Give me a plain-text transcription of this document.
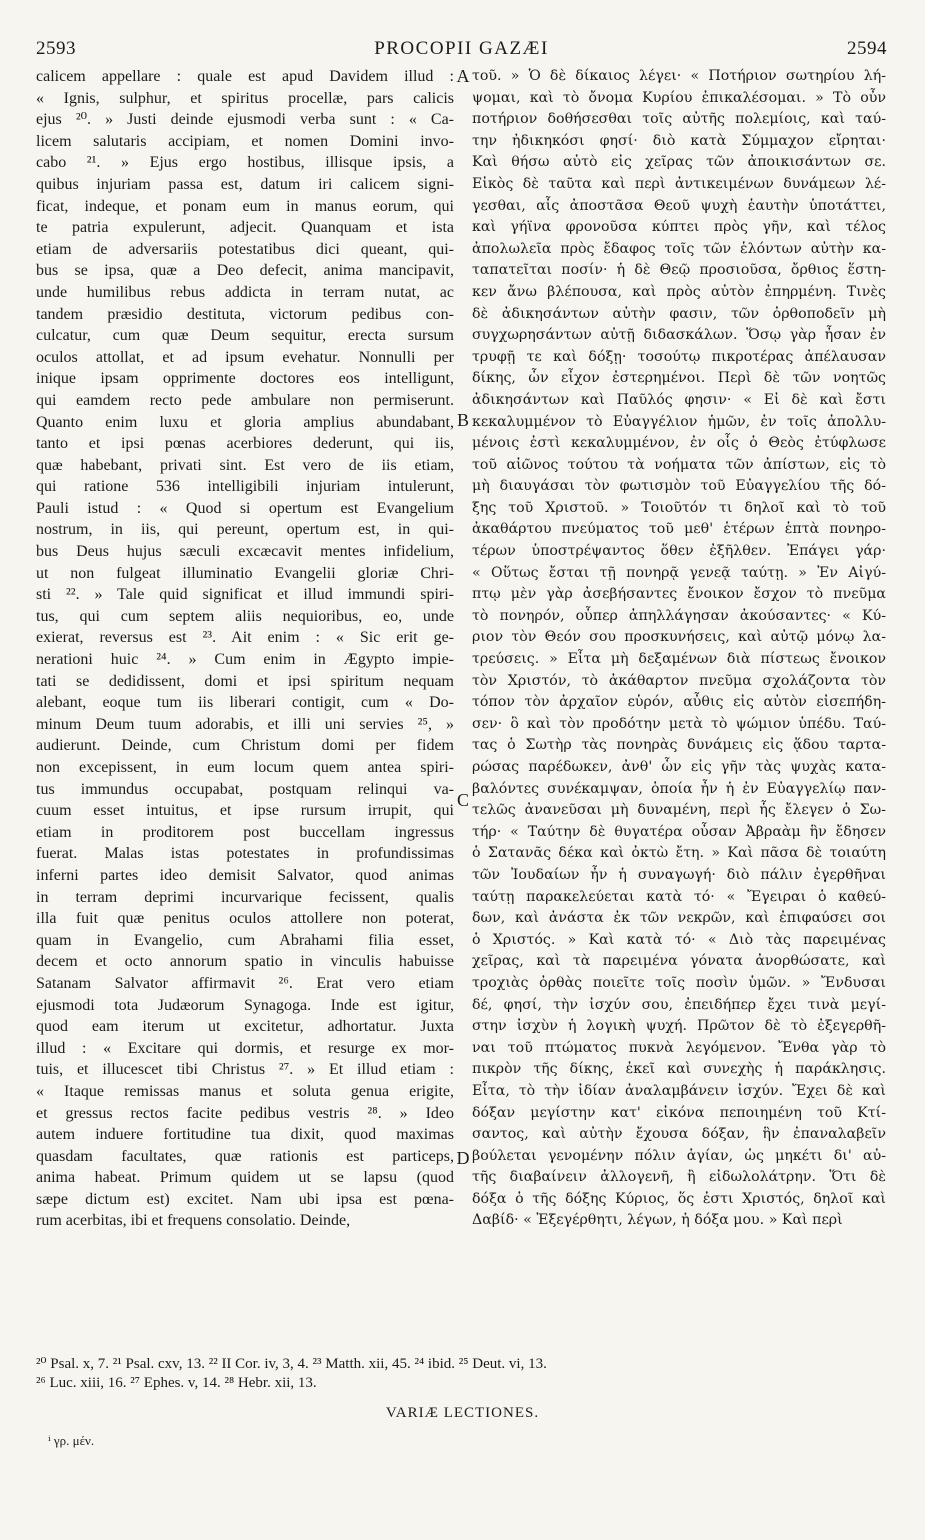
2593	PROCOPII GAZÆI	2594
calicem appellare : quale est apud Davidem illud :
« Ignis, sulphur, et spiritus procellæ, pars calicis
ejus ²⁰. » Justi deinde ejusmodi verba sunt : « Ca-
licem salutaris accipiam, et nomen Domini invo-
cabo ²¹. » Ejus ergo hostibus, illisque ipsis, a
quibus injuriam passa est, datum iri calicem signi-
ficat, indeque, et ponam eum in manus eorum, qui
te patria expulerunt, adjecit. Quanquam et ista
etiam de adversariis potestatibus dici queant, qui-
bus se ipsa, quæ a Deo defecit, anima mancipavit,
unde humilibus rebus addicta in terram nutat, ac
tandem præsidio destituta, victorum pedibus con-
culcatur, cum quæ Deum sequitur, erecta sursum
oculos attollat, et ad ipsum evehatur. Nonnulli per
inique ipsam opprimente doctores eos intelligunt,
qui eamdem recto pede ambulare non permiserunt.
Quanto enim luxu et gloria amplius abundabant,
tanto et ipsi pœnas acerbiores dederunt, qui iis,
quæ habebant, privati sint. Est vero de iis etiam,
qui ratione 536 intelligibili injuriam intulerunt,
Pauli istud : « Quod si opertum est Evangelium
nostrum, in iis, qui pereunt, opertum est, in qui-
bus Deus hujus sæculi excæcavit mentes infidelium,
ut non fulgeat illuminatio Evangelii gloriæ Chri-
sti ²². » Tale quid significat et illud immundi spiri-
tus, qui cum septem aliis nequioribus, eo, unde
exierat, reversus est ²³. Ait enim : « Sic erit ge-
nerationi huic ²⁴. » Cum enim in Ægypto impie-
tati se dedidissent, domi et ipsi spiritum nequam
alebant, eoque tum iis liberari contigit, cum « Do-
minum Deum tuum adorabis, et illi uni servies ²⁵, »
audierunt. Deinde, cum Christum domi per fidem
non excepissent, in eum locum quem antea spiri-
tus immundus occupabat, postquam relinqui va-
cuum esset intuitus, et ipse rursum irrupit, qui
etiam in proditorem post buccellam ingressus
fuerat. Malas istas potestates in profundissimas
inferni partes ideo demisit Salvator, quod animas
in terram deprimi incurvarique fecissent, qualis
illa fuit quæ penitus oculos attollere non poterat,
quam in Evangelio, cum Abrahami filia esset,
decem et octo annorum spatio in vinculis habuisse
Satanam Salvator affirmavit ²⁶. Erat vero etiam
ejusmodi tota Judæorum Synagoga. Inde est igitur,
quod eam iterum ut excitetur, adhortatur. Juxta
illud : « Excitare qui dormis, et resurge ex mor-
tuis, et illucescet tibi Christus ²⁷. » Et illud etiam :
« Itaque remissas manus et soluta genua erigite,
et gressus rectos facite pedibus vestris ²⁸. » Ideo
autem induere fortitudine tua dixit, quod maximas
quasdam facultates, quæ rationis est particeps,
anima habeat. Primum quidem ut se lapsu (quod
sæpe dictum est) excitet. Nam ubi ipsa est pœna-
rum acerbitas, ibi et frequens consolatio. Deinde,
A
B
C
D
τοῦ. » Ὁ δὲ δίκαιος λέγει· « Ποτήριον σωτηρίου λή-
ψομαι, καὶ τὸ ὄνομα Κυρίου ἐπικαλέσομαι. » Τὸ οὖν
ποτήριον δοθήσεσθαι τοῖς αὐτῆς πολεμίοις, καὶ ταύ-
την ἠδικηκόσι φησί· διὸ κατὰ Σύμμαχον εἴρηται·
Καὶ θήσω αὐτὸ εἰς χεῖρας τῶν ἀποικισάντων σε.
Εἰκὸς δὲ ταῦτα καὶ περὶ ἀντικειμένων δυνάμεων λέ-
γεσθαι, αἷς ἀποστᾶσα Θεοῦ ψυχὴ ἑαυτὴν ὑποτάττει,
καὶ γήϊνα φρονοῦσα κύπτει πρὸς γῆν, καὶ τέλος
ἀπολωλεῖα πρὸς ἔδαφος τοῖς τῶν ἑλόντων αὐτὴν κα-
ταπατεῖται ποσίν· ἡ δὲ Θεῷ προσιοῦσα, ὄρθιος ἕστη-
κεν ἄνω βλέπουσα, καὶ πρὸς αὐτὸν ἐπηρμένη. Τινὲς
δὲ ἀδικησάντων αὐτὴν φασιν, τῶν ὀρθοποδεῖν μὴ
συγχωρησάντων αὐτῇ διδασκάλων. Ὅσῳ γὰρ ἦσαν ἐν
τρυφῇ τε καὶ δόξῃ· τοσούτῳ πικροτέρας ἀπέλαυσαν
δίκης, ὧν εἶχον ἐστερημένοι. Περὶ δὲ τῶν νοητῶς
ἀδικησάντων καὶ Παῦλός φησιν· « Εἰ δὲ καὶ ἔστι
κεκαλυμμένον τὸ Εὐαγγέλιον ἡμῶν, ἐν τοῖς ἀπολλυ-
μένοις ἐστὶ κεκαλυμμένον, ἐν οἷς ὁ Θεὸς ἐτύφλωσε
τοῦ αἰῶνος τούτου τὰ νοήματα τῶν ἀπίστων, εἰς τὸ
μὴ διαυγάσαι τὸν φωτισμὸν τοῦ Εὐαγγελίου τῆς δό-
ξης τοῦ Χριστοῦ. » Τοιοῦτόν τι δηλοῖ καὶ τὸ τοῦ
ἀκαθάρτου πνεύματος τοῦ μεθ' ἑτέρων ἑπτὰ πονηρο-
τέρων ὑποστρέψαντος ὅθεν ἐξῆλθεν. Ἐπάγει γάρ·
« Οὕτως ἔσται τῇ πονηρᾷ γενεᾷ ταύτῃ. » Ἐν Αἰγύ-
πτῳ μὲν γὰρ ἀσεβήσαντες ἔνοικον ἔσχον τὸ πνεῦμα
τὸ πονηρόν, οὗπερ ἀπηλλάγησαν ἀκούσαντες· « Κύ-
ριον τὸν Θεόν σου προσκυνήσεις, καὶ αὐτῷ μόνῳ λα-
τρεύσεις. » Εἶτα μὴ δεξαμένων διὰ πίστεως ἔνοικον
τὸν Χριστόν, τὸ ἀκάθαρτον πνεῦμα σχολάζοντα τὸν
τόπον τὸν ἀρχαῖον εὑρόν, αὖθις εἰς αὐτὸν εἰσεπήδη-
σεν· ὃ καὶ τὸν προδότην μετὰ τὸ ψώμιον ὑπέδυ. Ταύ-
τας ὁ Σωτὴρ τὰς πονηρὰς δυνάμεις εἰς ᾅδου ταρτα-
ρώσας παρέδωκεν, ἀνθ' ὧν εἰς γῆν τὰς ψυχὰς κατα-
βαλόντες συνέκαμψαν, ὁποία ἦν ἡ ἐν Εὐαγγελίῳ παν-
τελῶς ἀνανεῦσαι μὴ δυναμένη, περὶ ἧς ἔλεγεν ὁ Σω-
τήρ· « Ταύτην δὲ θυγατέρα οὖσαν Ἀβραὰμ ἣν ἔδησεν
ὁ Σατανᾶς δέκα καὶ ὀκτὼ ἔτη. » Καὶ πᾶσα δὲ τοιαύτη
τῶν Ἰουδαίων ἦν ἡ συναγωγή· διὸ πάλιν ἐγερθῆναι
ταύτῃ παρακελεύεται κατὰ τό· « Ἔγειραι ὁ καθεύ-
δων, καὶ ἀνάστα ἐκ τῶν νεκρῶν, καὶ ἐπιφαύσει σοι
ὁ Χριστός. » Καὶ κατὰ τό· « Διὸ τὰς παρειμένας
χεῖρας, καὶ τὰ παρειμένα γόνατα ἀνορθώσατε, καὶ
τροχιὰς ὀρθὰς ποιεῖτε τοῖς ποσὶν ὑμῶν. » Ἔνδυσαι
δέ, φησί, τὴν ἰσχύν σου, ἐπειδήπερ ἔχει τινὰ μεγί-
στην ἰσχὺν ἡ λογικὴ ψυχή. Πρῶτον δὲ τὸ ἐξεγερθῆ-
ναι τοῦ πτώματος πυκνὰ λεγόμενον. Ἔνθα γὰρ τὸ
πικρὸν τῆς δίκης, ἐκεῖ καὶ συνεχὴς ἡ παράκλησις.
Εἶτα, τὸ τὴν ἰδίαν ἀναλαμβάνειν ἰσχύν. Ἔχει δὲ καὶ
δόξαν μεγίστην κατ' εἰκόνα πεποιημένη τοῦ Κτί-
σαντος, καὶ αὐτὴν ἔχουσα δόξαν, ἣν ἐπαναλαβεῖν
βούλεται γενομένην πόλιν ἁγίαν, ὡς μηκέτι δι' αὐ-
τῆς διαβαίνειν ἀλλογενῆ, ἢ εἰδωλολάτρην. Ὅτι δὲ
δόξα ὁ τῆς δόξης Κύριος, ὅς ἐστι Χριστός, δηλοῖ καὶ
Δαβίδ· « Ἐξεγέρθητι, λέγων, ἡ δόξα μου. » Καὶ περὶ
²⁰ Psal. x, 7. ²¹ Psal. cxv, 13. ²² II Cor. iv, 3, 4. ²³ Matth. xii, 45. ²⁴ ibid. ²⁵ Deut. vi, 13.
²⁶ Luc. xiii, 16. ²⁷ Ephes. v, 14. ²⁸ Hebr. xii, 13.
VARIÆ LECTIONES.
ⁱ γρ. μέν.
